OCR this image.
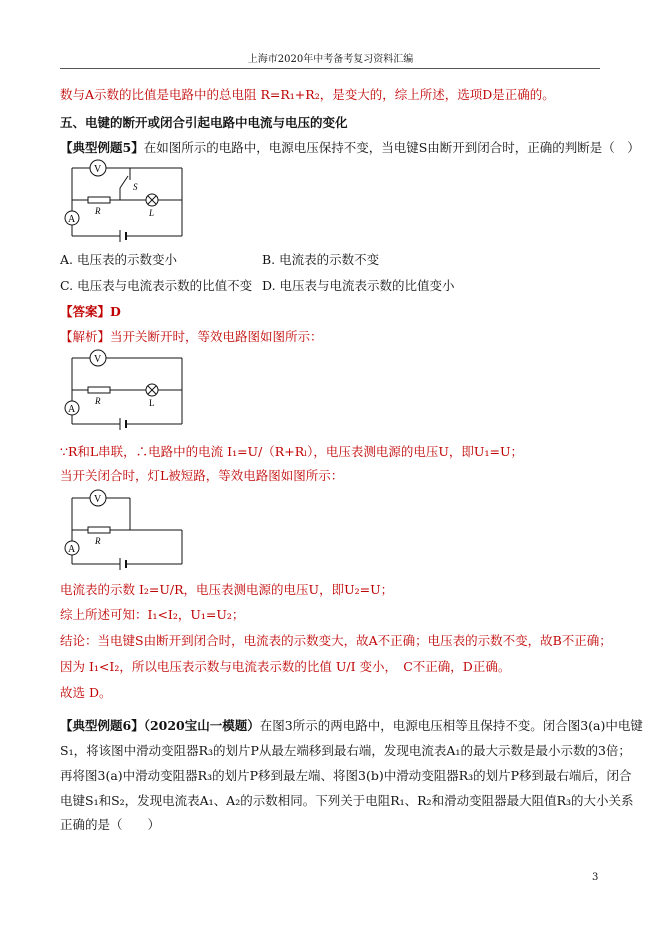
上海市2020年中考备考复习资料汇编
数与A示数的比值是电路中的总电阻 R=R₁+R₂，是变大的，综上所述，选项D是正确的。
五、电键的断开或闭合引起电路中电流与电压的变化
【典型例题5】在如图所示的电路中，电源电压保持不变，当电键S由断开到闭合时，正确的判断是（　）
V
A
R	L
S
A. 电压表的示数变小	B. 电流表的示数不变
C. 电压表与电流表示数的比值不变 D. 电压表与电流表示数的比值变小
【答案】D
【解析】当开关断开时，等效电路图如图所示：
V
A
R	L
∵R和L串联，∴电路中的电流 I₁=U/（R+Rₗ），电压表测电源的电压U，即U₁=U；
当开关闭合时，灯L被短路，等效电路图如图所示：
V
A
R
电流表的示数 I₂=U/R，电压表测电源的电压U，即U₂=U；
综上所述可知：I₁<I₂，U₁=U₂；
结论：当电键S由断开到闭合时，电流表的示数变大，故A不正确；电压表的示数不变，故B不正确；
因为 I₁<I₂，所以电压表示数与电流表示数的比值 U/I 变小，　C不正确，D正确。
故选 D。
【典型例题6】（2020宝山一模题）在图3所示的两电路中，电源电压相等且保持不变。闭合图3(a)中电键
S₁，将该图中滑动变阻器R₃的划片P从最左端移到最右端，发现电流表A₁的最大示数是最小示数的3倍；
再将图3(a)中滑动变阻器R₃的划片P移到最左端、将图3(b)中滑动变阻器R₃的划片P移到最右端后，闭合
电键S₁和S₂，发现电流表A₁、A₂的示数相同。下列关于电阻R₁、R₂和滑动变阻器最大阻值R₃的大小关系
正确的是（　　）
3
